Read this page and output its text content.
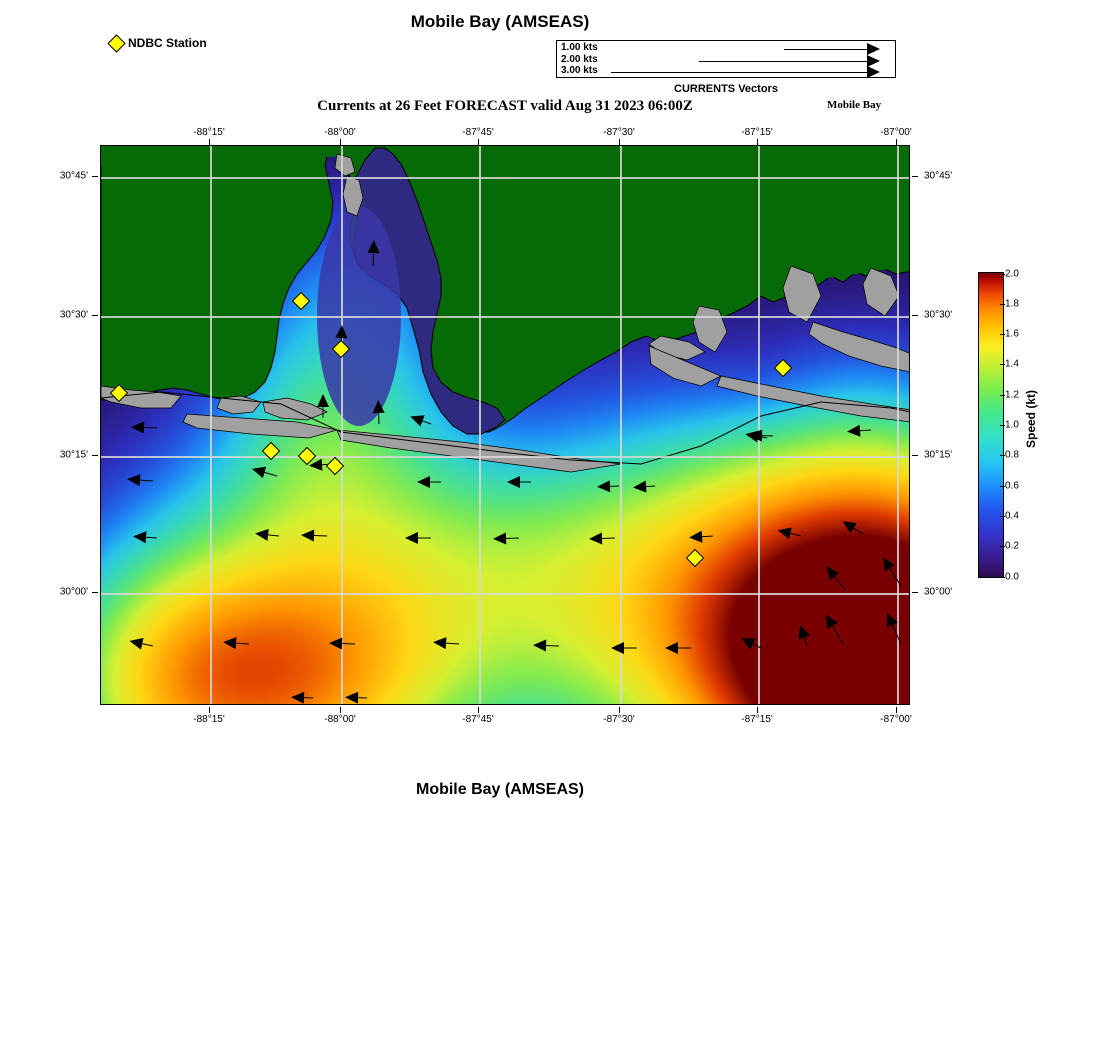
Mobile Bay (AMSEAS)
Currents at 26 Feet FORECAST valid Aug 31 2023 06:00Z	Mobile Bay
Mobile Bay (AMSEAS)
NDBC Station	1.00 kts
2.00 kts
3.00 kts
CURRENTS Vectors
-88°15'	-88°00'	-87°45'	-87°30'	-87°15'	-87°00'
-88°15'	-88°00'	-87°45'	-87°30'	-87°15'	-87°00'
30°45'
30°30'
30°15'
30°00'
30°45'
30°30'
30°15'
30°00'
Speed (kt)
2.0
1.8
1.6
1.4
1.2
1.0
0.8
0.6
0.4
0.2
0.0
